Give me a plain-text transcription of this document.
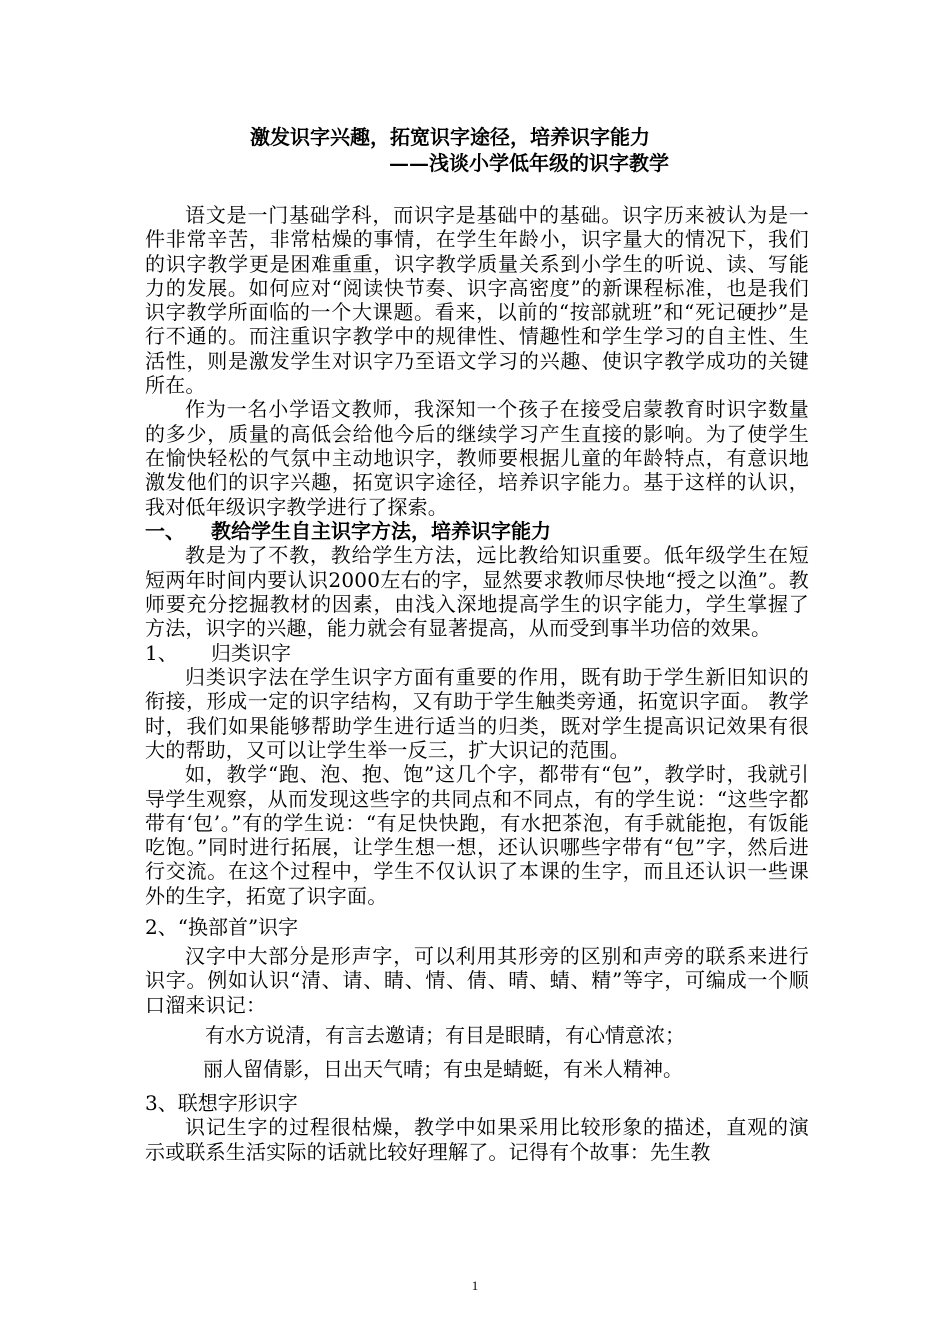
激发识字兴趣，拓宽识字途径，培养识字能力

——浅谈小学低年级的识字教学

语文是一门基础学科，而识字是基础中的基础。识字历来被认为是一件非常辛苦，非常枯燥的事情，在学生年龄小，识字量大的情况下，我们的识字教学更是困难重重，识字教学质量关系到小学生的听说、读、写能力的发展。如何应对“阅读快节奏、识字高密度”的新课程标准，也是我们识字教学所面临的一个大课题。看来，以前的“按部就班”和“死记硬抄”是行不通的。而注重识字教学中的规律性、情趣性和学生学习的自主性、生活性，则是激发学生对识字乃至语文学习的兴趣、使识字教学成功的关键所在。

作为一名小学语文教师，我深知一个孩子在接受启蒙教育时识字数量的多少，质量的高低会给他今后的继续学习产生直接的影响。为了使学生在愉快轻松的气氛中主动地识字，教师要根据儿童的年龄特点，有意识地激发他们的识字兴趣，拓宽识字途径，培养识字能力。基于这样的认识，我对低年级识字教学进行了探索。

一、 教给学生自主识字方法，培养识字能力

教是为了不教，教给学生方法，远比教给知识重要。低年级学生在短短两年时间内要认识2000左右的字，显然要求教师尽快地“授之以渔”。教师要充分挖掘教材的因素，由浅入深地提高学生的识字能力，学生掌握了方法，识字的兴趣，能力就会有显著提高，从而受到事半功倍的效果。

1、 归类识字

归类识字法在学生识字方面有重要的作用，既有助于学生新旧知识的衔接，形成一定的识字结构，又有助于学生触类旁通，拓宽识字面。 教学时，我们如果能够帮助学生进行适当的归类，既对学生提高识记效果有很大的帮助，又可以让学生举一反三，扩大识记的范围。

如，教学“跑、泡、抱、饱”这几个字，都带有“包”，教学时，我就引导学生观察，从而发现这些字的共同点和不同点，有的学生说：“这些字都带有‘包’。”有的学生说：“有足快快跑，有水把茶泡，有手就能抱，有饭能吃饱。”同时进行拓展，让学生想一想，还认识哪些字带有“包”字，然后进行交流。在这个过程中，学生不仅认识了本课的生字，而且还认识一些课外的生字，拓宽了识字面。

2、“换部首”识字

汉字中大部分是形声字，可以利用其形旁的区别和声旁的联系来进行识字。例如认识“清、请、睛、情、倩、晴、蜻、精”等字，可编成一个顺口溜来识记：

有水方说清，有言去邀请；有目是眼睛，有心情意浓；

丽人留倩影，日出天气晴；有虫是蜻蜓，有米人精神。

3、联想字形识字

识记生字的过程很枯燥，教学中如果采用比较形象的描述，直观的演示或联系生活实际的话就比较好理解了。记得有个故事：先生教

1
